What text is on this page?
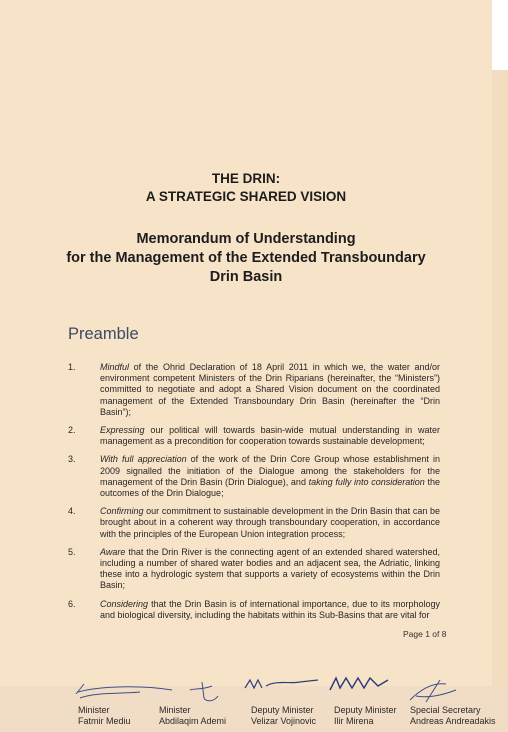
THE DRIN:
A STRATEGIC SHARED VISION
Memorandum of Understanding
for the Management of the Extended Transboundary
Drin Basin
Preamble
1.	Mindful of the Ohrid Declaration of 18 April 2011 in which we, the water and/or environment competent Ministers of the Drin Riparians (hereinafter, the “Ministers”) committed to negotiate and adopt a Shared Vision document on the coordinated management of the Extended Transboundary Drin Basin (hereinafter the “Drin Basin”);
2.	Expressing our political will towards basin-wide mutual understanding in water management as a precondition for cooperation towards sustainable development;
3.	With full appreciation of the work of the Drin Core Group whose establishment in 2009 signalled the initiation of the Dialogue among the stakeholders for the management of the Drin Basin (Drin Dialogue), and taking fully into consideration the outcomes of the Drin Dialogue;
4.	Confirming our commitment to sustainable development in the Drin Basin that can be brought about in a coherent way through transboundary cooperation, in accordance with the principles of the European Union integration process;
5.	Aware that the Drin River is the connecting agent of an extended shared watershed, including a number of shared water bodies and an adjacent sea, the Adriatic, linking these into a hydrologic system that supports a variety of ecosystems within the Drin Basin;
6.	Considering that the Drin Basin is of international importance, due to its morphology and biological diversity, including the habitats within its Sub-Basins that are vital for
Page 1 of 8
Minister
Fatmir Mediu
Minister
Abdilaqim Ademi
Deputy Minister
Velizar Vojinovic
Deputy Minister
Ilir Mirena
Special Secretary
Andreas Andreadakis
